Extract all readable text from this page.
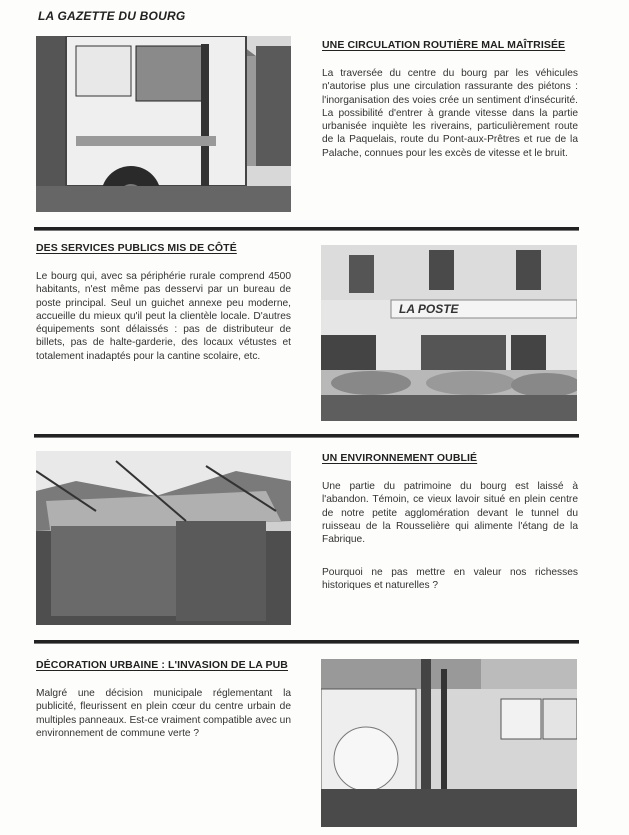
LA GAZETTE DU BOURG
UNE CIRCULATION ROUTIÈRE MAL MAÎTRISÉE

La traversée du centre du bourg par les véhicules n'autorise plus une circulation rassurante des piétons : l'inorganisation des voies crée un sentiment d'insécurité. La possibilité d'entrer à grande vitesse dans la partie urbanisée inquiète les riverains, particulièrement route de la Paquelais, route du Pont-aux-Prêtres et rue de la Palache, connues pour les excès de vitesse et le bruit.

DES SERVICES PUBLICS MIS DE CÔTÉ

Le bourg qui, avec sa périphérie rurale comprend 4500 habitants, n'est même pas desservi par un bureau de poste principal. Seul un guichet annexe peu moderne, accueille du mieux qu'il peut la clientèle locale. D'autres équipements sont délaissés : pas de distributeur de billets, pas de halte-garderie, des locaux vétustes et totalement inadaptés pour la cantine scolaire, etc.

LA POSTE
UN ENVIRONNEMENT OUBLIÉ

Une partie du patrimoine du bourg est laissé à l'abandon. Témoin, ce vieux lavoir situé en plein centre de notre petite agglomération devant le tunnel du ruisseau de la Rousselière qui alimente l'étang de la Fabrique.

Pourquoi ne pas mettre en valeur nos richesses historiques et naturelles ?

DÉCORATION URBAINE : L'INVASION DE LA PUB

Malgré une décision municipale réglementant la publicité, fleurissent en plein cœur du centre urbain de multiples panneaux. Est-ce vraiment compatible avec un environnement de commune verte ?
